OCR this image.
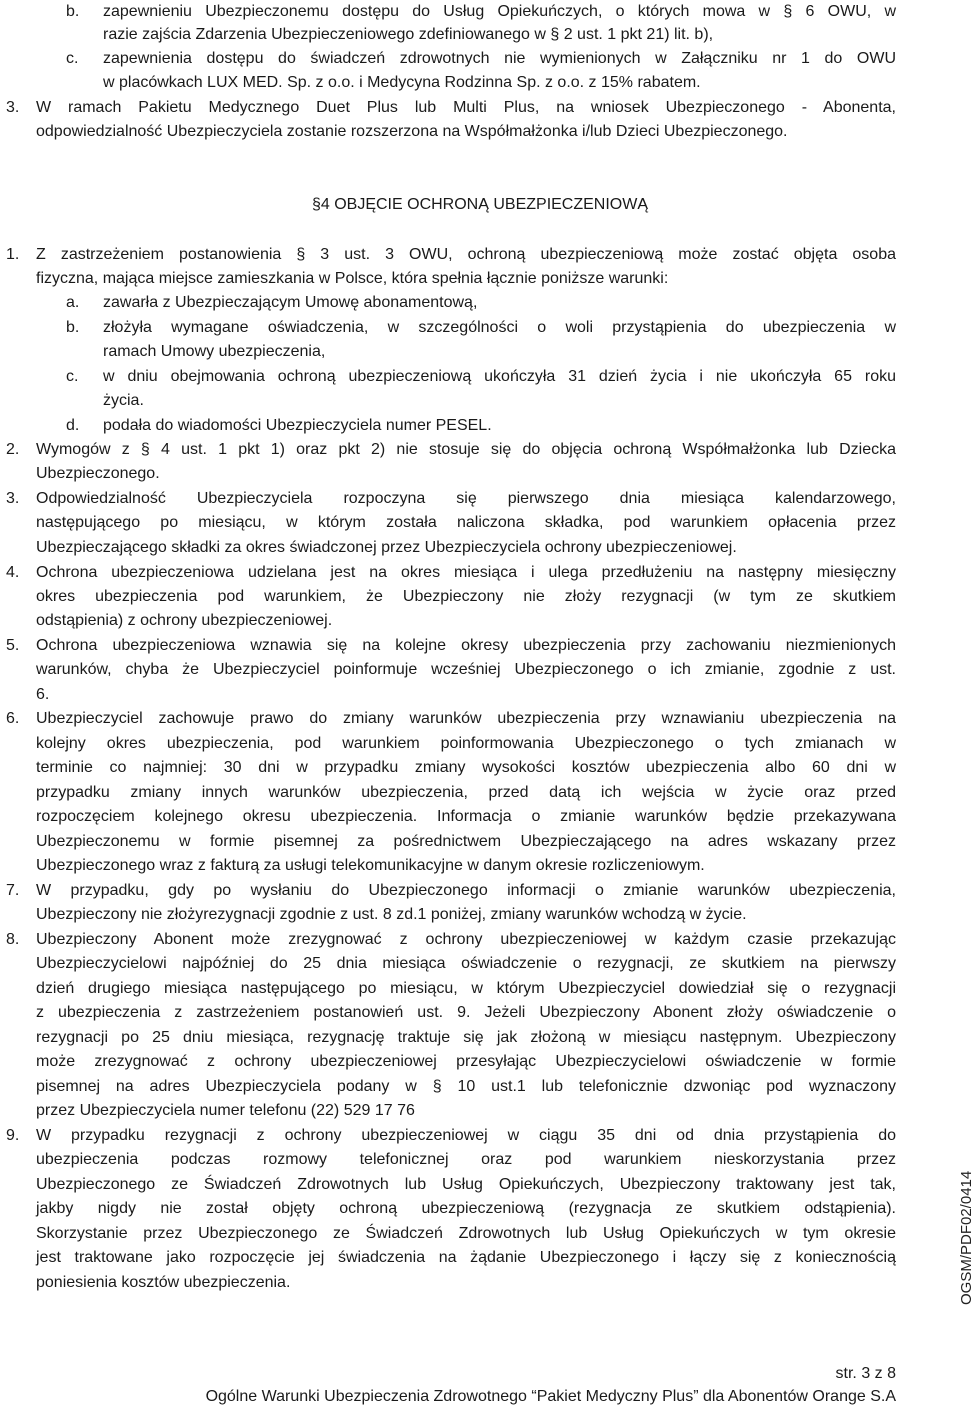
b. zapewnieniu Ubezpieczonemu dostępu do Usług Opiekuńczych, o których mowa w § 6 OWU, w
razie zajścia Zdarzenia Ubezpieczeniowego zdefiniowanego w § 2 ust. 1 pkt 21) lit. b),
c. zapewnienia dostępu do świadczeń zdrowotnych nie wymienionych w Załączniku nr 1 do OWU
w placówkach LUX MED. Sp. z o.o. i Medycyna Rodzinna Sp. z o.o. z 15% rabatem.
3. W ramach Pakietu Medycznego Duet Plus lub Multi Plus, na wniosek Ubezpieczonego - Abonenta,
odpowiedzialność Ubezpieczyciela zostanie rozszerzona na Współmałżonka i/lub Dzieci Ubezpieczonego.
§4 OBJĘCIE OCHRONĄ UBEZPIECZENIOWĄ
1. Z zastrzeżeniem postanowienia § 3 ust. 3 OWU, ochroną ubezpieczeniową może zostać objęta osoba
fizyczna, mająca miejsce zamieszkania w Polsce, która spełnia łącznie poniższe warunki:
a. zawarła z Ubezpieczającym Umowę abonamentową,
b. złożyła wymagane oświadczenia, w szczególności o woli przystąpienia do ubezpieczenia w
ramach Umowy ubezpieczenia,
c. w dniu obejmowania ochroną ubezpieczeniową ukończyła 31 dzień życia i nie ukończyła 65 roku
życia.
d. podała do wiadomości Ubezpieczyciela numer PESEL.
2. Wymogów z § 4 ust. 1 pkt 1) oraz pkt 2) nie stosuje się do objęcia ochroną Współmałżonka lub Dziecka
Ubezpieczonego.
3. Odpowiedzialność Ubezpieczyciela rozpoczyna się pierwszego dnia miesiąca kalendarzowego,
następującego po miesiącu, w którym została naliczona składka, pod warunkiem opłacenia przez
Ubezpieczającego składki za okres świadczonej przez Ubezpieczyciela ochrony ubezpieczeniowej.
4. Ochrona ubezpieczeniowa udzielana jest na okres miesiąca i ulega przedłużeniu na następny miesięczny
okres ubezpieczenia pod warunkiem, że Ubezpieczony nie złoży rezygnacji (w tym ze skutkiem
odstąpienia) z ochrony ubezpieczeniowej.
5. Ochrona ubezpieczeniowa wznawia się na kolejne okresy ubezpieczenia przy zachowaniu niezmienionych
warunków, chyba że Ubezpieczyciel poinformuje wcześniej Ubezpieczonego o ich zmianie, zgodnie z ust.
6.
6. Ubezpieczyciel zachowuje prawo do zmiany warunków ubezpieczenia przy wznawianiu ubezpieczenia na
kolejny okres ubezpieczenia, pod warunkiem poinformowania Ubezpieczonego o tych zmianach w
terminie co najmniej: 30 dni w przypadku zmiany wysokości kosztów ubezpieczenia albo 60 dni w
przypadku zmiany innych warunków ubezpieczenia, przed datą ich wejścia w życie oraz przed
rozpoczęciem kolejnego okresu ubezpieczenia. Informacja o zmianie warunków będzie przekazywana
Ubezpieczonemu w formie pisemnej za pośrednictwem Ubezpieczającego na adres wskazany przez
Ubezpieczonego wraz z fakturą za usługi telekomunikacyjne w danym okresie rozliczeniowym.
7. W przypadku, gdy po wysłaniu do Ubezpieczonego informacji o zmianie warunków ubezpieczenia,
Ubezpieczony nie złożyrezygnacji zgodnie z ust. 8 zd.1 poniżej, zmiany warunków wchodzą w życie.
8. Ubezpieczony Abonent może zrezygnować z ochrony ubezpieczeniowej w każdym czasie przekazując
Ubezpieczycielowi najpóźniej do 25 dnia miesiąca oświadczenie o rezygnacji, ze skutkiem na pierwszy
dzień drugiego miesiąca następującego po miesiącu, w którym Ubezpieczyciel dowiedział się o rezygnacji
z ubezpieczenia z zastrzeżeniem postanowień ust. 9. Jeżeli Ubezpieczony Abonent złoży oświadczenie o
rezygnacji po 25 dniu miesiąca, rezygnację traktuje się jak złożoną w miesiącu następnym. Ubezpieczony
może zrezygnować z ochrony ubezpieczeniowej przesyłając Ubezpieczycielowi oświadczenie w formie
pisemnej na adres Ubezpieczyciela podany w § 10 ust.1 lub telefonicznie dzwoniąc pod wyznaczony
przez Ubezpieczyciela numer telefonu (22) 529 17 76
9. W przypadku rezygnacji z ochrony ubezpieczeniowej w ciągu 35 dni od dnia przystąpienia do
ubezpieczenia podczas rozmowy telefonicznej oraz pod warunkiem nieskorzystania przez
Ubezpieczonego ze Świadczeń Zdrowotnych lub Usług Opiekuńczych, Ubezpieczony traktowany jest tak,
jakby nigdy nie został objęty ochroną ubezpieczeniową (rezygnacja ze skutkiem odstąpienia).
Skorzystanie przez Ubezpieczonego ze Świadczeń Zdrowotnych lub Usług Opiekuńczych w tym okresie
jest traktowane jako rozpoczęcie jej świadczenia na żądanie Ubezpieczonego i łączy się z koniecznością
poniesienia kosztów ubezpieczenia.	OGSM/PDF02/0414
str. 3 z 8
Ogólne Warunki Ubezpieczenia Zdrowotnego “Pakiet Medyczny Plus” dla Abonentów Orange S.A
